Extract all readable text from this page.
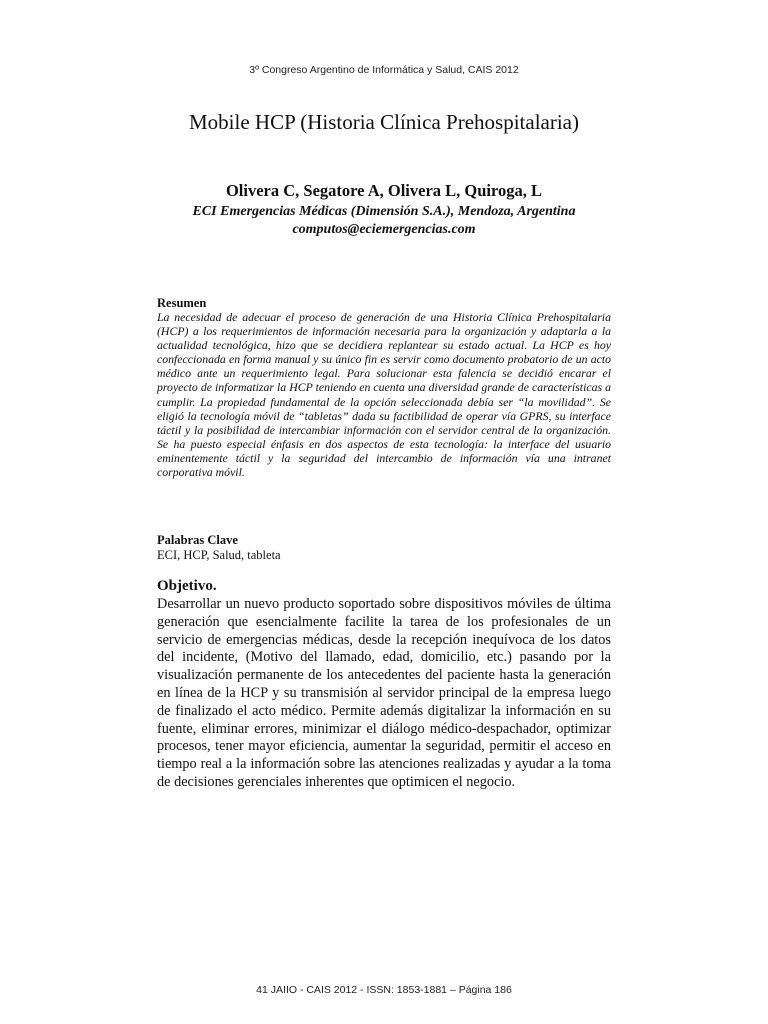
3º Congreso Argentino de Informática y Salud, CAIS 2012
Mobile HCP (Historia Clínica Prehospitalaria)
Olivera C, Segatore A, Olivera L, Quiroga, L
ECI Emergencias Médicas (Dimensión S.A.), Mendoza, Argentina
computos@eciemergencias.com
Resumen

La necesidad de adecuar el proceso de generación de una Historia Clínica Prehospitalaria (HCP) a los requerimientos de información necesaria para la organización y adaptarla a la actualidad tecnológica, hizo que se decidiera replantear su estado actual. La HCP es hoy confeccionada en forma manual y su único fin es servir como documento probatorio de un acto médico ante un requerimiento legal. Para solucionar esta falencia se decidió encarar el proyecto de informatizar la HCP teniendo en cuenta una diversidad grande de características a cumplir. La propiedad fundamental de la opción seleccionada debía ser “la movilidad”. Se eligió la tecnología móvil de “tabletas” dada su factibilidad de operar vía GPRS, su interface táctil y la posibilidad de intercambiar información con el servidor central de la organización. Se ha puesto especial énfasis en dos aspectos de esta tecnología: la interface del usuario eminentemente táctil y la seguridad del intercambio de información vía una intranet corporativa móvil.

Palabras Clave
ECI, HCP, Salud, tableta
Objetivo.

Desarrollar un nuevo producto soportado sobre dispositivos móviles de última generación que esencialmente facilite la tarea de los profesionales de un servicio de emergencias médicas, desde la recepción inequívoca de los datos del incidente, (Motivo del llamado, edad, domicilio, etc.) pasando por la visualización permanente de los antecedentes del paciente hasta la generación en línea de la HCP y su transmisión al servidor principal de la empresa luego de finalizado el acto médico. Permite además digitalizar la información en su fuente, eliminar errores, minimizar el diálogo médico-despachador, optimizar procesos, tener mayor eficiencia, aumentar la seguridad, permitir el acceso en tiempo real a la información sobre las atenciones realizadas y ayudar a la toma de decisiones gerenciales inherentes que optimicen el negocio.

41 JAIIO - CAIS 2012 - ISSN: 1853-1881 – Página 186
